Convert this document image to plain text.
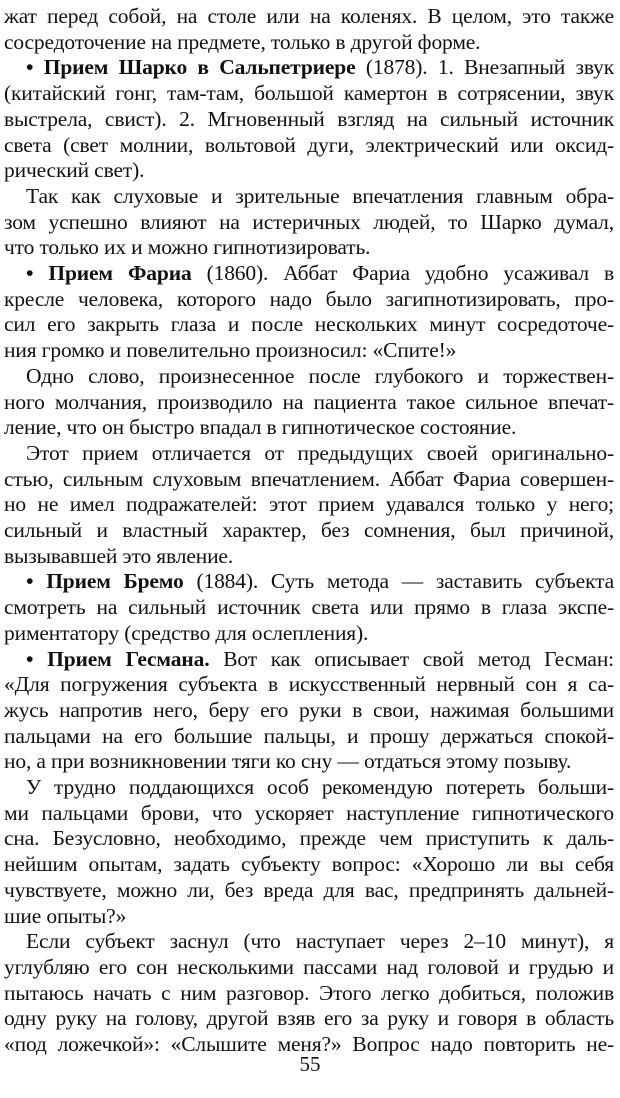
жат перед собой, на столе или на коленях. В целом, это также
сосредоточение на предмете, только в другой форме.
• Прием Шарко в Сальпетриере (1878). 1. Внезапный звук
(китайский гонг, там-там, большой камертон в сотрясении, звук
выстрела, свист). 2. Мгновенный взгляд на сильный источник
света (свет молнии, вольтовой дуги, электрический или оксид-
рический свет).
Так как слуховые и зрительные впечатления главным обра-
зом успешно влияют на истеричных людей, то Шарко думал,
что только их и можно гипнотизировать.
• Прием Фариа (1860). Аббат Фариа удобно усаживал в
кресле человека, которого надо было загипнотизировать, про-
сил его закрыть глаза и после нескольких минут сосредоточе-
ния громко и повелительно произносил: «Спите!»
Одно слово, произнесенное после глубокого и торжествен-
ного молчания, производило на пациента такое сильное впечат-
ление, что он быстро впадал в гипнотическое состояние.
Этот прием отличается от предыдущих своей оригинально-
стью, сильным слуховым впечатлением. Аббат Фариа совершен-
но не имел подражателей: этот прием удавался только у него;
сильный и властный характер, без сомнения, был причиной,
вызывавшей это явление.
• Прием Бремо (1884). Суть метода — заставить субъекта
смотреть на сильный источник света или прямо в глаза экспе-
риментатору (средство для ослепления).
• Прием Гесмана. Вот как описывает свой метод Гесман:
«Для погружения субъекта в искусственный нервный сон я са-
жусь напротив него, беру его руки в свои, нажимая большими
пальцами на его большие пальцы, и прошу держаться спокой-
но, а при возникновении тяги ко сну — отдаться этому позыву.
У трудно поддающихся особ рекомендую потереть больши-
ми пальцами брови, что ускоряет наступление гипнотического
сна. Безусловно, необходимо, прежде чем приступить к даль-
нейшим опытам, задать субъекту вопрос: «Хорошо ли вы себя
чувствуете, можно ли, без вреда для вас, предпринять дальней-
шие опыты?»
Если субъект заснул (что наступает через 2–10 минут), я
углубляю его сон несколькими пассами над головой и грудью и
пытаюсь начать с ним разговор. Этого легко добиться, положив
одну руку на голову, другой взяв его за руку и говоря в область
«под ложечкой»: «Слышите меня?» Вопрос надо повторить не-
55
